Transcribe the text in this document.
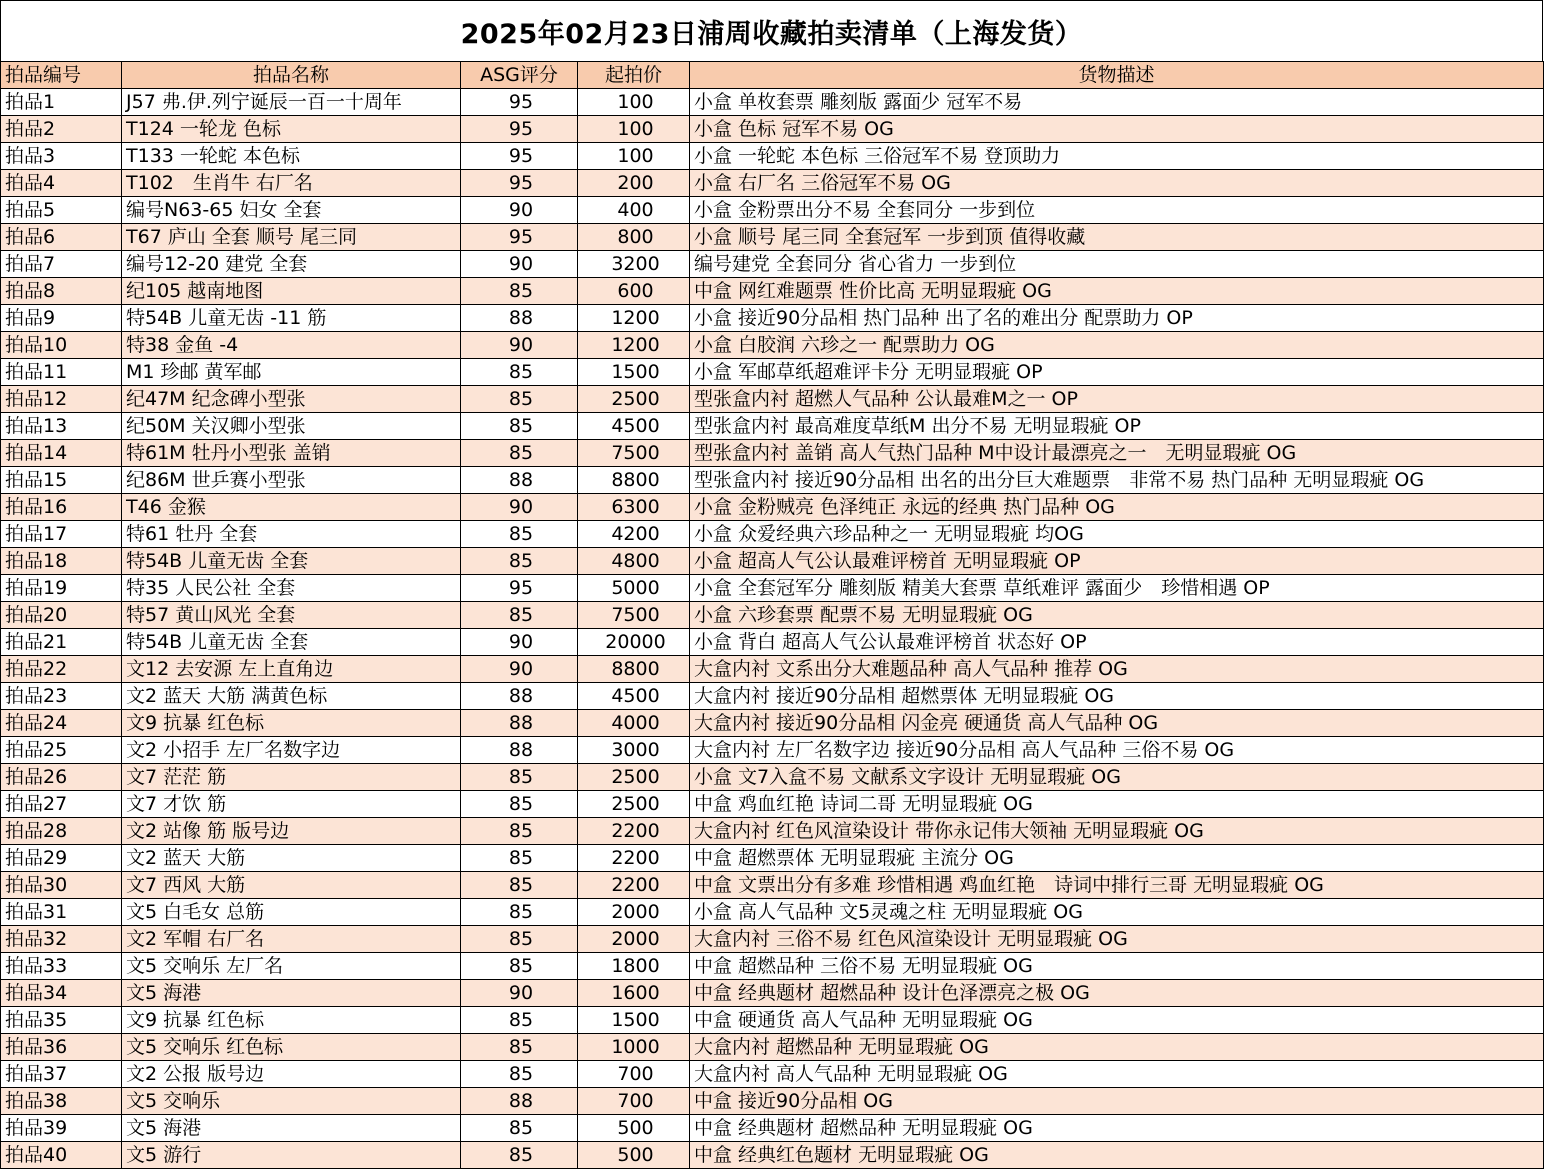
2025年02月23日浦周收藏拍卖清单（上海发货）
拍品编号	拍品名称	ASG评分	起拍价	货物描述
拍品1	J57 弗.伊.列宁诞辰一百一十周年	95	100	小盒 单枚套票 雕刻版 露面少 冠军不易
拍品2	T124 一轮龙 色标	95	100	小盒 色标 冠军不易 OG
拍品3	T133 一轮蛇 本色标	95	100	小盒 一轮蛇 本色标 三俗冠军不易 登顶助力
拍品4	T102　生肖牛 右厂名	95	200	小盒 右厂名 三俗冠军不易 OG
拍品5	编号N63-65 妇女 全套	90	400	小盒 金粉票出分不易 全套同分 一步到位
拍品6	T67 庐山 全套 顺号 尾三同	95	800	小盒 顺号 尾三同 全套冠军 一步到顶 值得收藏
拍品7	编号12-20 建党 全套	90	3200	编号建党 全套同分 省心省力 一步到位
拍品8	纪105 越南地图	85	600	中盒 网红难题票 性价比高 无明显瑕疵 OG
拍品9	特54B 儿童无齿 -11 筋	88	1200	小盒 接近90分品相 热门品种 出了名的难出分 配票助力 OP
拍品10	特38 金鱼 -4	90	1200	小盒 白胶润 六珍之一 配票助力 OG
拍品11	M1 珍邮 黄军邮	85	1500	小盒 军邮草纸超难评卡分 无明显瑕疵 OP
拍品12	纪47M 纪念碑小型张	85	2500	型张盒内衬 超燃人气品种 公认最难M之一 OP
拍品13	纪50M 关汉卿小型张	85	4500	型张盒内衬 最高难度草纸M 出分不易 无明显瑕疵 OP
拍品14	特61M 牡丹小型张 盖销	85	7500	型张盒内衬 盖销 高人气热门品种 M中设计最漂亮之一　无明显瑕疵 OG
拍品15	纪86M 世乒赛小型张	88	8800	型张盒内衬 接近90分品相 出名的出分巨大难题票　非常不易 热门品种 无明显瑕疵 OG
拍品16	T46 金猴	90	6300	小盒 金粉贼亮 色泽纯正 永远的经典 热门品种 OG
拍品17	特61 牡丹 全套	85	4200	小盒 众爱经典六珍品种之一 无明显瑕疵 均OG
拍品18	特54B 儿童无齿 全套	85	4800	小盒 超高人气公认最难评榜首 无明显瑕疵 OP
拍品19	特35 人民公社 全套	95	5000	小盒 全套冠军分 雕刻版 精美大套票 草纸难评 露面少　珍惜相遇 OP
拍品20	特57 黄山风光 全套	85	7500	小盒 六珍套票 配票不易 无明显瑕疵 OG
拍品21	特54B 儿童无齿 全套	90	20000	小盒 背白 超高人气公认最难评榜首 状态好 OP
拍品22	文12 去安源 左上直角边	90	8800	大盒内衬 文系出分大难题品种 高人气品种 推荐 OG
拍品23	文2 蓝天 大筋 满黄色标	88	4500	大盒内衬 接近90分品相 超燃票体 无明显瑕疵 OG
拍品24	文9 抗暴 红色标	88	4000	大盒内衬 接近90分品相 闪金亮 硬通货 高人气品种 OG
拍品25	文2 小招手 左厂名数字边	88	3000	大盒内衬 左厂名数字边 接近90分品相 高人气品种 三俗不易 OG
拍品26	文7 茫茫 筋	85	2500	小盒 文7入盒不易 文献系文字设计 无明显瑕疵 OG
拍品27	文7 才饮 筋	85	2500	中盒 鸡血红艳 诗词二哥 无明显瑕疵 OG
拍品28	文2 站像 筋 版号边	85	2200	大盒内衬 红色风渲染设计 带你永记伟大领袖 无明显瑕疵 OG
拍品29	文2 蓝天 大筋	85	2200	中盒 超燃票体 无明显瑕疵 主流分 OG
拍品30	文7 西风 大筋	85	2200	中盒 文票出分有多难 珍惜相遇 鸡血红艳　诗词中排行三哥 无明显瑕疵 OG
拍品31	文5 白毛女 总筋	85	2000	小盒 高人气品种 文5灵魂之柱 无明显瑕疵 OG
拍品32	文2 军帽 右厂名	85	2000	大盒内衬 三俗不易 红色风渲染设计 无明显瑕疵 OG
拍品33	文5 交响乐 左厂名	85	1800	中盒 超燃品种 三俗不易 无明显瑕疵 OG
拍品34	文5 海港	90	1600	中盒 经典题材 超燃品种 设计色泽漂亮之极 OG
拍品35	文9 抗暴 红色标	85	1500	中盒 硬通货 高人气品种 无明显瑕疵 OG
拍品36	文5 交响乐 红色标	85	1000	大盒内衬 超燃品种 无明显瑕疵 OG
拍品37	文2 公报 版号边	85	700	大盒内衬 高人气品种 无明显瑕疵 OG
拍品38	文5 交响乐	88	700	中盒 接近90分品相 OG
拍品39	文5 海港	85	500	中盒 经典题材 超燃品种 无明显瑕疵 OG
拍品40	文5 游行	85	500	中盒 经典红色题材 无明显瑕疵 OG
